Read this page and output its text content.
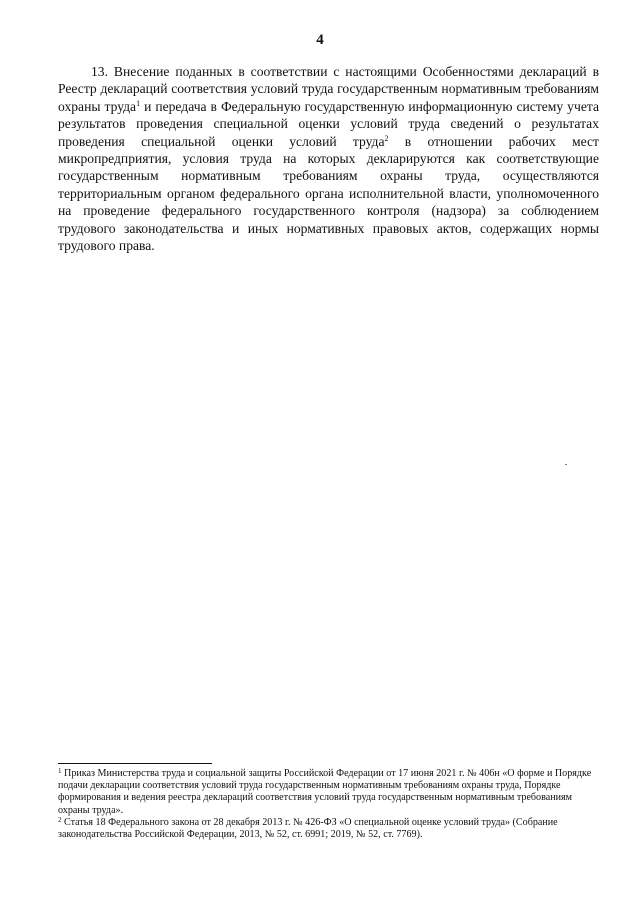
4

13. Внесение поданных в соответствии с настоящими Особенностями деклараций в Реестр деклараций соответствия условий труда государственным нормативным требованиям охраны труда$^1$ и передача в Федеральную государственную информационную систему учета результатов проведения специальной оценки условий труда сведений о результатах проведения специальной оценки условий труда$^2$ в отношении рабочих мест микропредприятия, условия труда на которых декларируются как соответствующие государственным нормативным требованиям охраны труда, осуществляются территориальным органом федерального органа исполнительной власти, уполномоченного на проведение федерального государственного контроля (надзора) за соблюдением трудового законодательства и иных нормативных правовых актов, содержащих нормы трудового права.

$^1$ Приказ Министерства труда и социальной защиты Российской Федерации от 17 июня 2021 г. № 406н «О форме и Порядке подачи декларации соответствия условий труда государственным нормативным требованиям охраны труда, Порядке формирования и ведения реестра деклараций соответствия условий труда государственным нормативным требованиям охраны труда».

$^2$ Статья 18 Федерального закона от 28 декабря 2013 г. № 426-ФЗ «О специальной оценке условий труда» (Собрание законодательства Российской Федерации, 2013, № 52, ст. 6991; 2019, № 52, ст. 7769).
